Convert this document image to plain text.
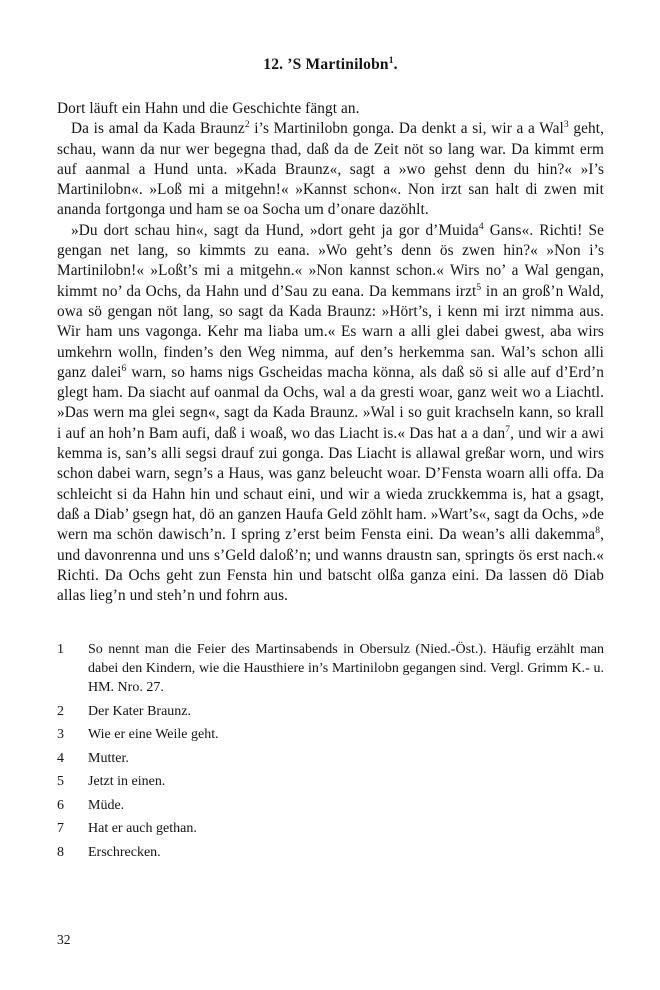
12. ’S Martinilobn$^1$.

Dort läuft ein Hahn und die Geschichte fängt an.

Da is amal da Kada Braunz$^2$ i’s Martinilobn gonga. Da denkt a si, wir a a Wal$^3$ geht, schau, wann da nur wer begegna thad, daß da de Zeit nöt so lang war. Da kimmt erm auf aanmal a Hund unta. »Kada Braunz«, sagt a »wo gehst denn du hin?« »I’s Martinilobn«. »Loß mi a mitgehn!« »Kannst schon«. Non irzt san halt di zwen mit ananda fortgonga und ham se oa Socha um d’onare dazöhlt.

»Du dort schau hin«, sagt da Hund, »dort geht ja gor d’Muida$^4$ Gans«. Richti! Se gengan net lang, so kimmts zu eana. »Wo geht’s denn ös zwen hin?« »Non i’s Martinilobn!« »Loßt’s mi a mitgehn.« »Non kannst schon.« Wirs no’ a Wal gengan, kimmt no’ da Ochs, da Hahn und d’Sau zu eana. Da kemmans irzt$^5$ in an groß’n Wald, owa sö gengan nöt lang, so sagt da Kada Braunz: »Hört’s, i kenn mi irzt nimma aus. Wir ham uns vagonga. Kehr ma liaba um.« Es warn a alli glei dabei gwest, aba wirs umkehrn wolln, finden’s den Weg nimma, auf den’s herkemma san. Wal’s schon alli ganz dalei$^6$ warn, so hams nigs Gscheidas macha könna, als daß sö si alle auf d’Erd’n glegt ham. Da siacht auf oanmal da Ochs, wal a da gresti woar, ganz weit wo a Liachtl. »Das wern ma glei segn«, sagt da Kada Braunz. »Wal i so guit krachseln kann, so krall i auf an hoh’n Bam aufi, daß i woaß, wo das Liacht is.« Das hat a a dan$^7$, und wir a awi kemma is, san’s alli segsi drauf zui gonga. Das Liacht is allawal greßar worn, und wirs schon dabei warn, segn’s a Haus, was ganz beleucht woar. D’Fensta woarn alli offa. Da schleicht si da Hahn hin und schaut eini, und wir a wieda zruckkemma is, hat a gsagt, daß a Diab’ gsegn hat, dö an ganzen Haufa Geld zöhlt ham. »Wart’s«, sagt da Ochs, »de wern ma schön dawisch’n. I spring z’erst beim Fensta eini. Da wean’s alli dakemma$^8$, und davonrenna und uns s’Geld daloß’n; und wanns draustn san, springts ös erst nach.« Richti. Da Ochs geht zun Fensta hin und batscht olßa ganza eini. Da lassen dö Diab allas lieg’n und steh’n und fohrn aus.

1	So nennt man die Feier des Martinsabends in Obersulz (Nied.-Öst.). Häufig erzählt man dabei den Kindern, wie die Hausthiere in’s Martinilobn gegangen sind. Vergl. Grimm K.- u. HM. Nro. 27.
2	Der Kater Braunz.
3	Wie er eine Weile geht.
4	Mutter.
5	Jetzt in einen.
6	Müde.
7	Hat er auch gethan.
8	Erschrecken.
32
